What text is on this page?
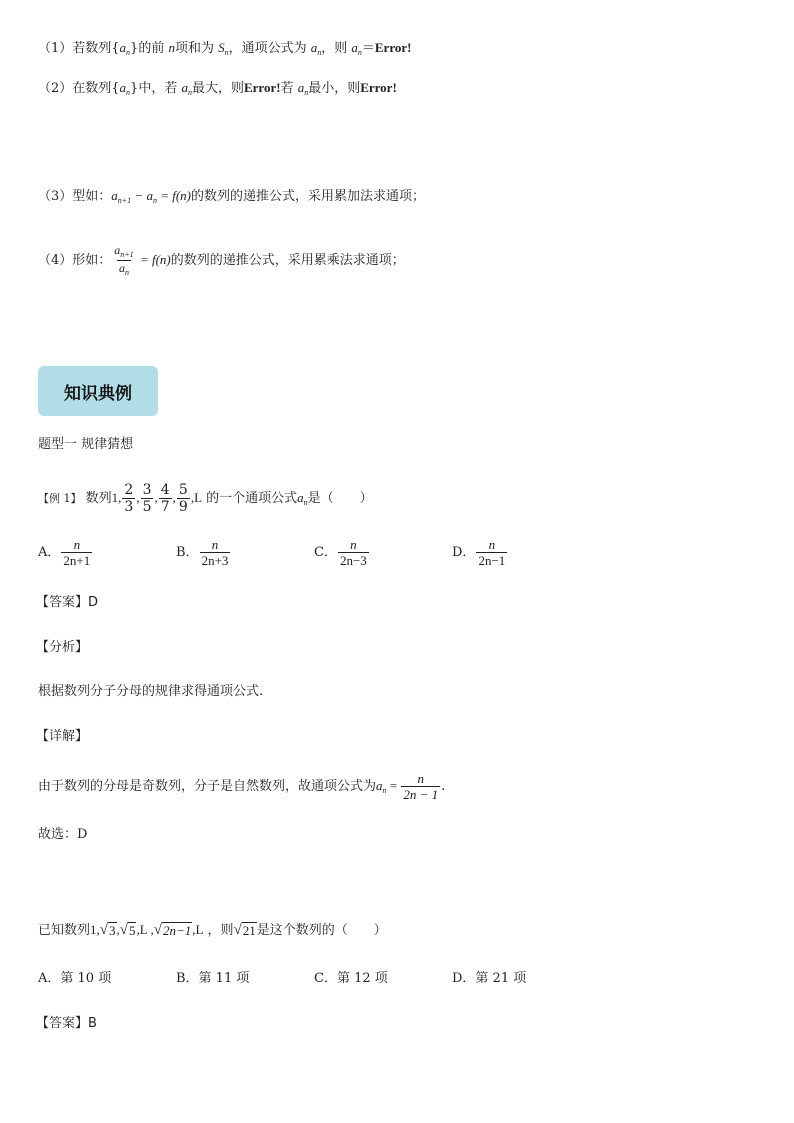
（1）若数列$\{a_n\}$的前 n项和为 $S_n$，通项公式为 $a_n$，则 $a_n=Error$!
（2）在数列$\{a_n\}$中，若 $a_n$最大，则Error!若 $a_n$最小，则Error!
（3）型如：$a_{n+1} - a_n = f(n)$的数列的递推公式，采用累加法求通项；
（4）形如： $\frac{a_{n+1}}{a_n} = f(n)$的数列的递推公式，采用累乘法求通项；
知识典例
题型一 规律猜想
【例 1】 数列1, $\frac{2}{3}$ , $\frac{3}{5}$ , $\frac{4}{7}$ , $\frac{5}{9} ,L$ 的一个通项公式$a_n$是（　　）
A． $\frac{n}{2n+1}$	B． $\frac{n}{2n+3}$	C． $\frac{n}{2n-3}$	D． $\frac{n}{2n-1}$
【答案】D
【分析】
根据数列分子分母的规律求得通项公式.
【详解】
由于数列的分母是奇数列，分子是自然数列，故通项公式为$a_n = \frac{n}{2n - 1}$ .
故选：D
已知数列1, √ 3 , √ 5 ,L , √ 2n−1 ,L ，则 √ 21 是这个数列的（　　）
A．第 10 项	B．第 11 项	C．第 12 项	D．第 21 项
【答案】B
